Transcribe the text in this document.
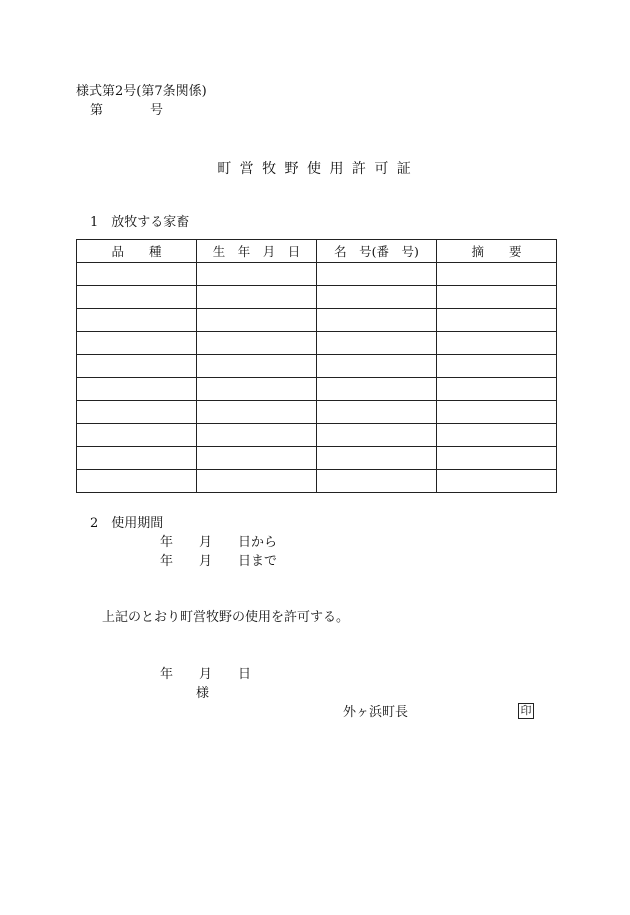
様式第2号(第7条関係)
第	号
町 営 牧 野 使 用 許 可 証
1　放牧する家畜
品　　種	生　年　月　日	名　号(番　号)	摘　　要

2　使用期間
年　　月　　日から
年　　月　　日まで
上記のとおり町営牧野の使用を許可する。
年　　月　　日
様
外ヶ浜町長	印
